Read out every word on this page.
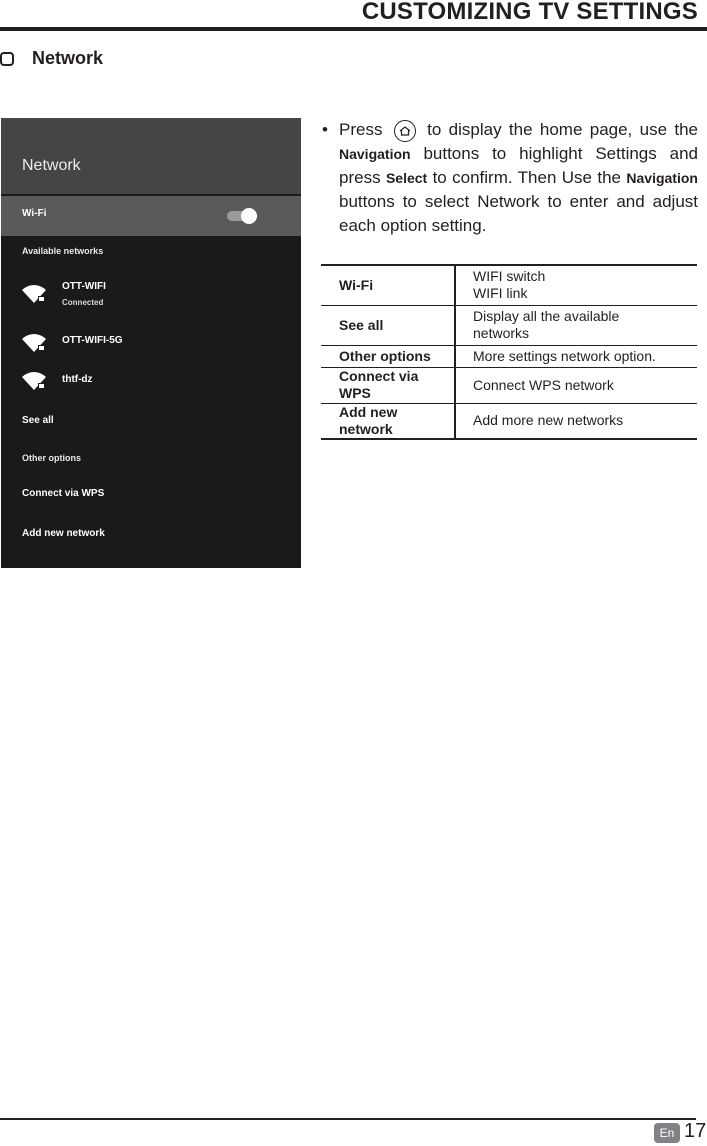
CUSTOMIZING TV SETTINGS
Network
Network
Wi-Fi
Available networks
OTT-WIFI
Connected
OTT-WIFI-5G
thtf-dz
See all
Other options
Connect via WPS
Add new network
• Press	to display the home page, use the Navigation buttons to highlight Settings and press Select to confirm. Then Use the Navigation buttons to select Network to enter and adjust each option setting.

Wi-Fi	WIFI switch
WIFI link

See all	Display all the available
networks

Other options	More settings network option.

Connect via
WPS	Connect WPS network

Add new
network	Add more new networks
En 17
